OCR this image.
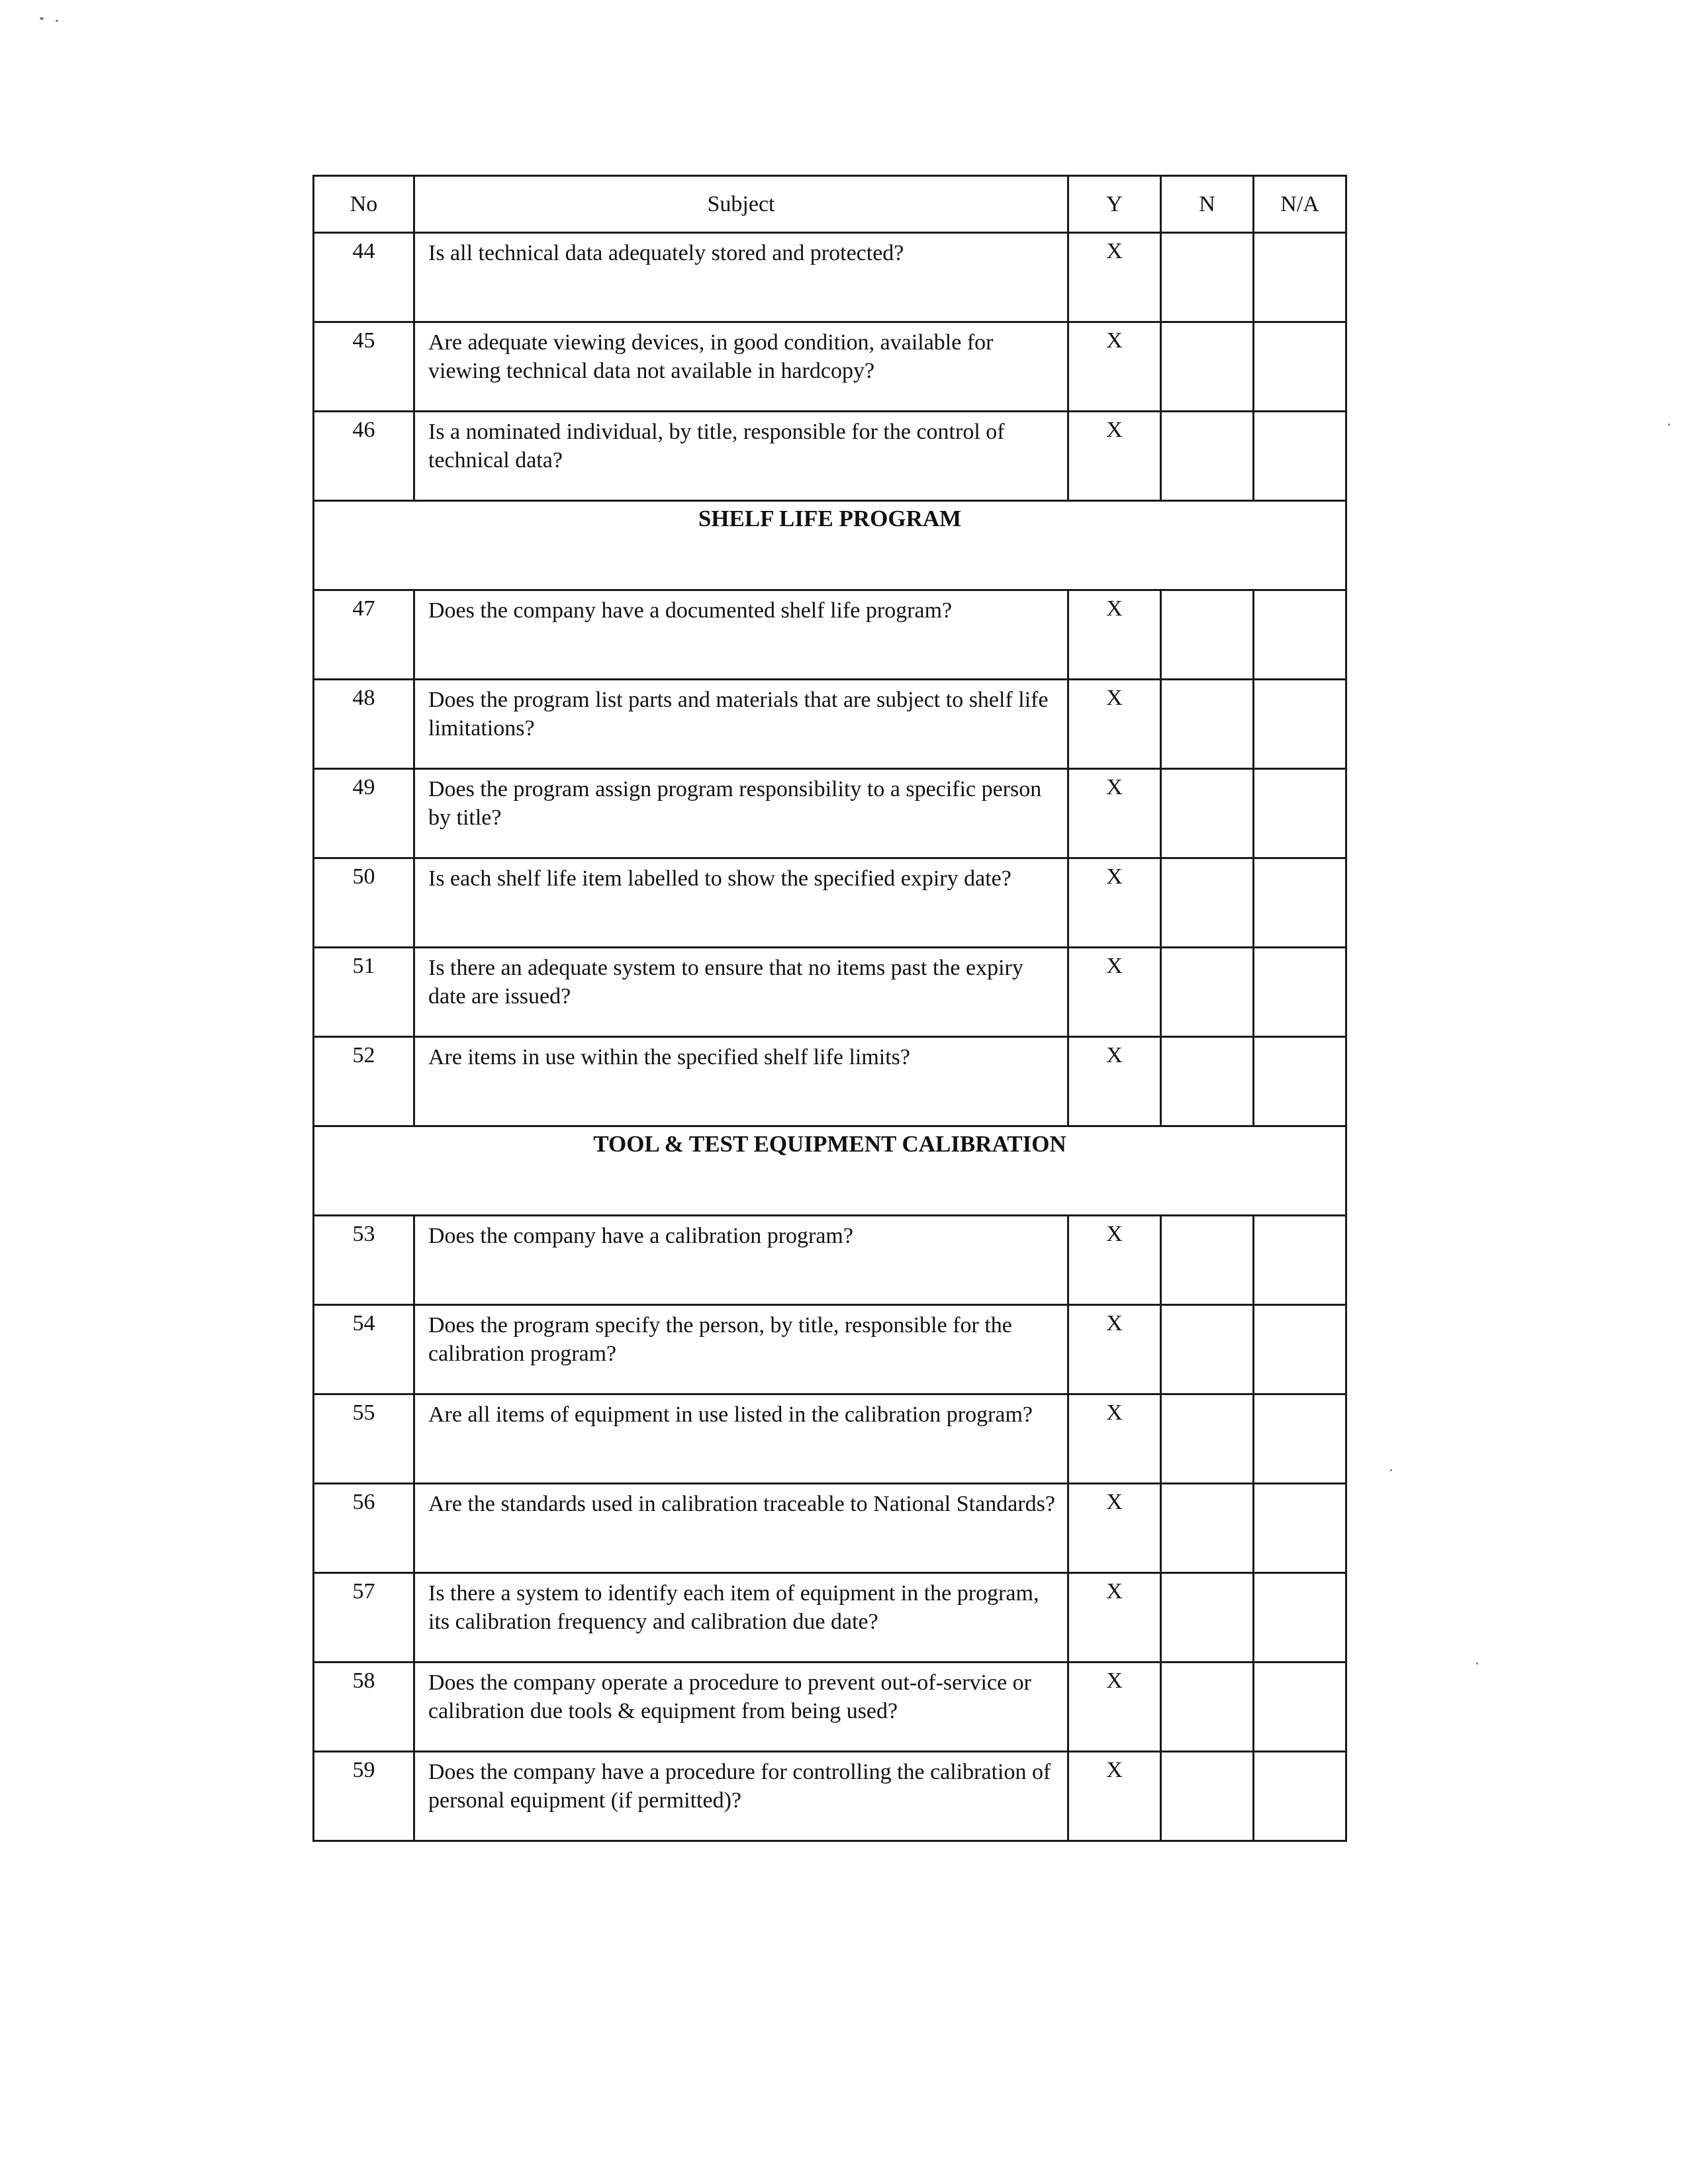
No	Subject	Y	N	N/A
44	Is all technical data adequately stored and protected?	X		
45	Are adequate viewing devices, in good condition, available for viewing technical data not available in hardcopy?	X		
46	Is a nominated individual, by title, responsible for the control of technical data?	X		
SHELF LIFE PROGRAM				
47	Does the company have a documented shelf life program?	X		
48	Does the program list parts and materials that are subject to shelf life limitations?	X		
49	Does the program assign program responsibility to a specific person by title?	X		
50	Is each shelf life item labelled to show the specified expiry date?	X		
51	Is there an adequate system to ensure that no items past the expiry date are issued?	X		
52	Are items in use within the specified shelf life limits?	X		
TOOL & TEST EQUIPMENT CALIBRATION				
53	Does the company have a calibration program?	X		
54	Does the program specify the person, by title, responsible for the calibration program?	X		
55	Are all items of equipment in use listed in the calibration program?	X		
56	Are the standards used in calibration traceable to National Standards?	X		
57	Is there a system to identify each item of equipment in the program, its calibration frequency and calibration due date?	X		
58	Does the company operate a procedure to prevent out-of-service or calibration due tools & equipment from being used?	X		
59	Does the company have a procedure for controlling the calibration of personal equipment (if permitted)?	X		
